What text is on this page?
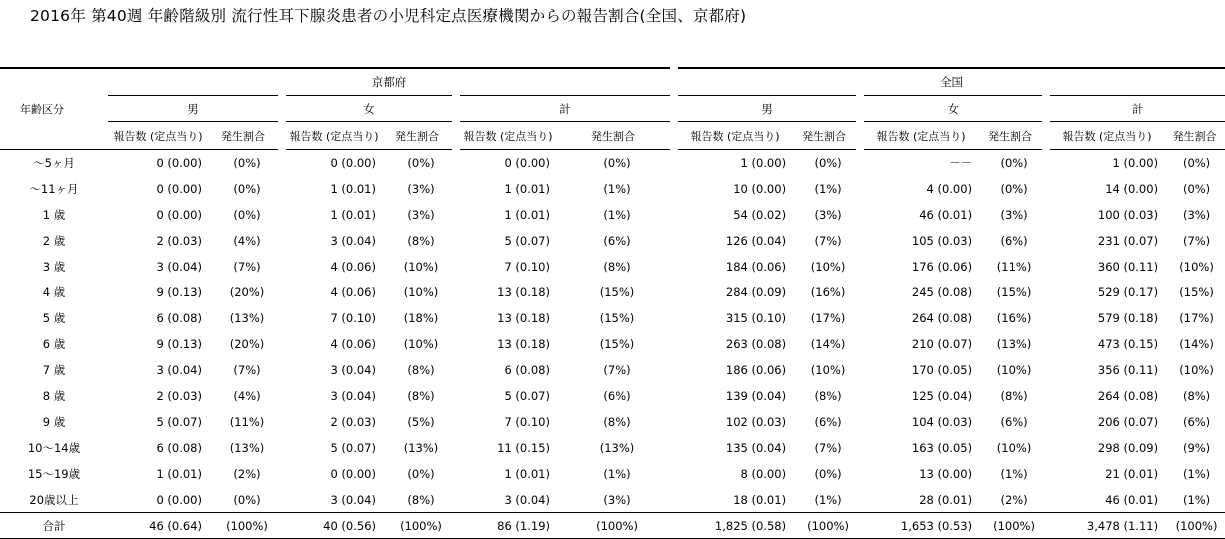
2016年 第40週 年齢階級別 流行性耳下腺炎患者の小児科定点医療機関からの報告割合(全国、京都府)
年齢区分	京都府						全国					
	男		女		計		男		女		計	
	報告数 (定点当り)	発生割合	報告数 (定点当り)	発生割合	報告数 (定点当り)	発生割合	報告数 (定点当り)	発生割合	報告数 (定点当り)	発生割合	報告数 (定点当り)	発生割合
～5ヶ月	0 (0.00)	(0%)	0 (0.00)	(0%)	0 (0.00)	(0%)	1 (0.00)	(0%)	－－	(0%)	1 (0.00)	(0%)
～11ヶ月	0 (0.00)	(0%)	1 (0.01)	(3%)	1 (0.01)	(1%)	10 (0.00)	(1%)	4 (0.00)	(0%)	14 (0.00)	(0%)
1 歳	0 (0.00)	(0%)	1 (0.01)	(3%)	1 (0.01)	(1%)	54 (0.02)	(3%)	46 (0.01)	(3%)	100 (0.03)	(3%)
2 歳	2 (0.03)	(4%)	3 (0.04)	(8%)	5 (0.07)	(6%)	126 (0.04)	(7%)	105 (0.03)	(6%)	231 (0.07)	(7%)
3 歳	3 (0.04)	(7%)	4 (0.06)	(10%)	7 (0.10)	(8%)	184 (0.06)	(10%)	176 (0.06)	(11%)	360 (0.11)	(10%)
4 歳	9 (0.13)	(20%)	4 (0.06)	(10%)	13 (0.18)	(15%)	284 (0.09)	(16%)	245 (0.08)	(15%)	529 (0.17)	(15%)
5 歳	6 (0.08)	(13%)	7 (0.10)	(18%)	13 (0.18)	(15%)	315 (0.10)	(17%)	264 (0.08)	(16%)	579 (0.18)	(17%)
6 歳	9 (0.13)	(20%)	4 (0.06)	(10%)	13 (0.18)	(15%)	263 (0.08)	(14%)	210 (0.07)	(13%)	473 (0.15)	(14%)
7 歳	3 (0.04)	(7%)	3 (0.04)	(8%)	6 (0.08)	(7%)	186 (0.06)	(10%)	170 (0.05)	(10%)	356 (0.11)	(10%)
8 歳	2 (0.03)	(4%)	3 (0.04)	(8%)	5 (0.07)	(6%)	139 (0.04)	(8%)	125 (0.04)	(8%)	264 (0.08)	(8%)
9 歳	5 (0.07)	(11%)	2 (0.03)	(5%)	7 (0.10)	(8%)	102 (0.03)	(6%)	104 (0.03)	(6%)	206 (0.07)	(6%)
10～14歳	6 (0.08)	(13%)	5 (0.07)	(13%)	11 (0.15)	(13%)	135 (0.04)	(7%)	163 (0.05)	(10%)	298 (0.09)	(9%)
15～19歳	1 (0.01)	(2%)	0 (0.00)	(0%)	1 (0.01)	(1%)	8 (0.00)	(0%)	13 (0.00)	(1%)	21 (0.01)	(1%)
20歳以上	0 (0.00)	(0%)	3 (0.04)	(8%)	3 (0.04)	(3%)	18 (0.01)	(1%)	28 (0.01)	(2%)	46 (0.01)	(1%)
合計	46 (0.64)	(100%)	40 (0.56)	(100%)	86 (1.19)	(100%)	1,825 (0.58)	(100%)	1,653 (0.53)	(100%)	3,478 (1.11)	(100%)
